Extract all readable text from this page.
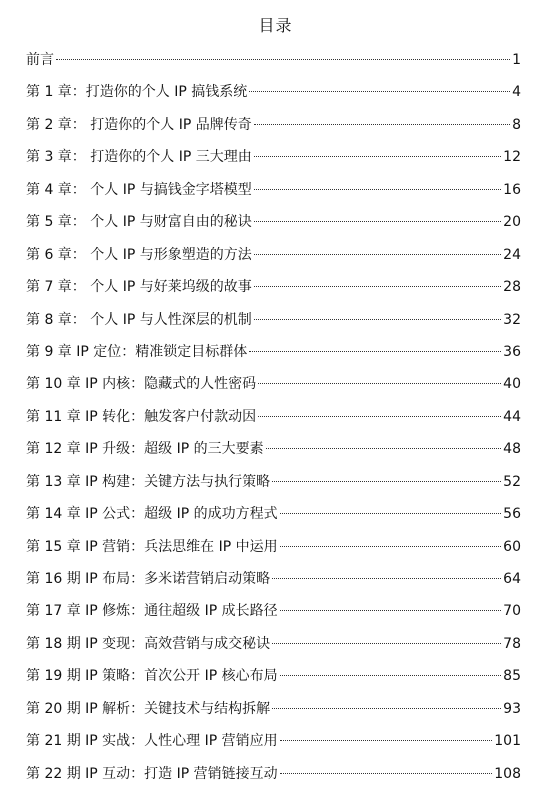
目录
前言	1
第 1 章：打造你的个人 IP 搞钱系统	4
第 2 章： 打造你的个人 IP 品牌传奇	8
第 3 章： 打造你的个人 IP 三大理由	12
第 4 章： 个人 IP 与搞钱金字塔模型	16
第 5 章： 个人 IP 与财富自由的秘诀	20
第 6 章： 个人 IP 与形象塑造的方法	24
第 7 章： 个人 IP 与好莱坞级的故事	28
第 8 章： 个人 IP 与人性深层的机制	32
第 9 章 IP 定位：精准锁定目标群体	36
第 10 章 IP 内核：隐藏式的人性密码	40
第 11 章 IP 转化：触发客户付款动因	44
第 12 章 IP 升级：超级 IP 的三大要素	48
第 13 章 IP 构建：关键方法与执行策略	52
第 14 章 IP 公式：超级 IP 的成功方程式	56
第 15 章 IP 营销：兵法思维在 IP 中运用	60
第 16 期 IP 布局：多米诺营销启动策略	64
第 17 章 IP 修炼：通往超级 IP 成长路径	70
第 18 期 IP 变现：高效营销与成交秘诀	78
第 19 期 IP 策略：首次公开 IP 核心布局	85
第 20 期 IP 解析：关键技术与结构拆解	93
第 21 期 IP 实战：人性心理 IP 营销应用	101
第 22 期 IP 互动：打造 IP 营销链接互动	108
